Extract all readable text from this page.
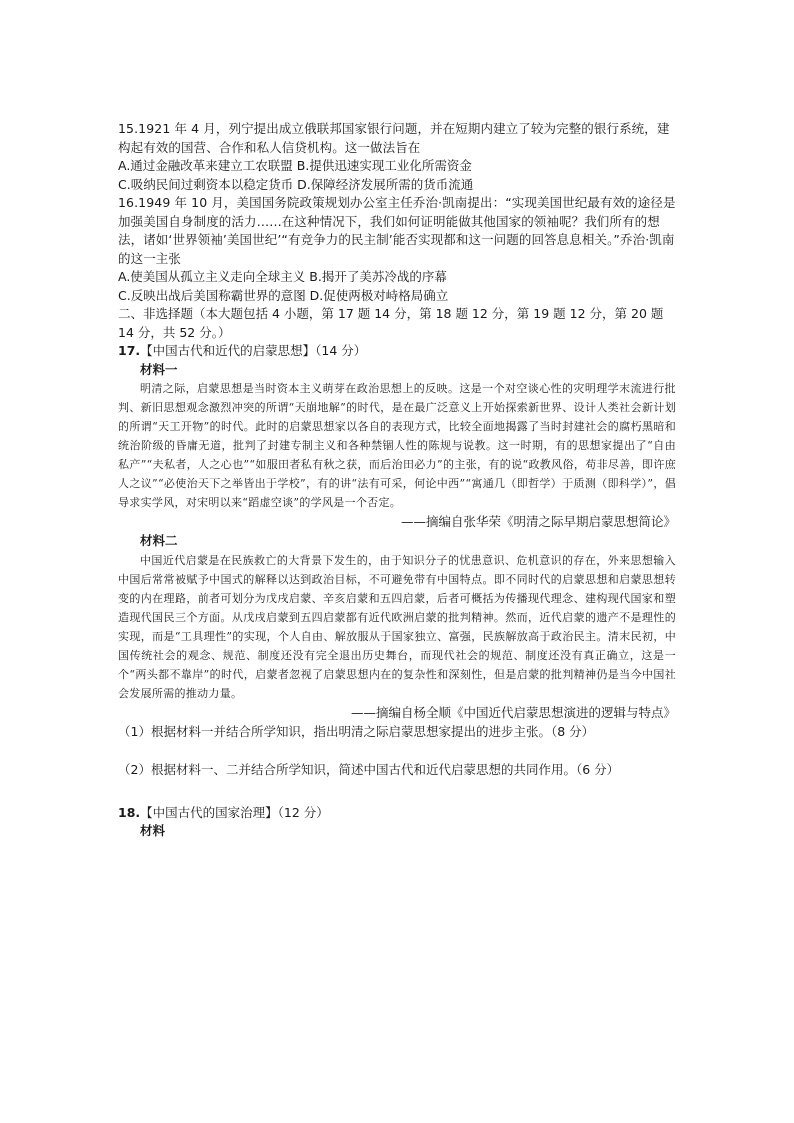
15.1921 年 4 月，列宁提出成立俄联邦国家银行问题，并在短期内建立了较为完整的银行系统，建构起有效的国营、合作和私人信贷机构。这一做法旨在

A.通过金融改革来建立工农联盟 B.提供迅速实现工业化所需资金

C.吸纳民间过剩资本以稳定货币 D.保障经济发展所需的货币流通

16.1949 年 10 月，美国国务院政策规划办公室主任乔治·凯南提出：“实现美国世纪最有效的途径是加强美国自身制度的活力……在这种情况下，我们如何证明能做其他国家的领袖呢？我们所有的想法，诸如‘世界领袖’美国世纪’“有竞争力的民主制’能否实现都和这一问题的回答息息相关。”乔治·凯南的这一主张

A.使美国从孤立主义走向全球主义 B.揭开了美苏冷战的序幕

C.反映出战后美国称霸世界的意图 D.促使两极对峙格局确立

二、非选择题（本大题包括 4 小题，第 17 题 14 分，第 18 题 12 分，第 19 题 12 分，第 20 题 14 分，共 52 分。）

17.【中国古代和近代的启蒙思想】（14 分）

材料一

明清之际，启蒙思想是当时资本主义萌芽在政治思想上的反映。这是一个对空谈心性的灾明理学末流进行批判、新旧思想观念激烈冲突的所谓“天崩地解”的时代，是在最广泛意义上开始探索新世界、设计人类社会新计划的所谓“天工开物”的时代。此时的启蒙思想家以各自的表现方式，比较全面地揭露了当时封建社会的腐朽黑暗和统治阶级的昏庸无道，批判了封建专制主义和各种禁锢人性的陈规与说教。这一时期，有的思想家提出了“自由私产”“夫私者，人之心也”“如服田者私有秋之获，而后治田必力”的主张，有的说“政教风俗，苟非尽善，即许庶人之议”“必使治天下之举皆出于学校”，有的讲“法有可采，何论中西”“寓通几（即哲学）于质测（即科学）”，倡导求实学风，对宋明以来“蹈虚空谈”的学风是一个否定。

——摘编自张华荣《明清之际早期启蒙思想简论》

材料二

中国近代启蒙是在民族救亡的大背景下发生的，由于知识分子的忧患意识、危机意识的存在，外来思想输入中国后常常被赋予中国式的解释以达到政治目标，不可避免带有中国特点。即不同时代的启蒙思想和启蒙思想转变的内在理路，前者可划分为戊戌启蒙、辛亥启蒙和五四启蒙，后者可概括为传播现代理念、建构现代国家和塑造现代国民三个方面。从戊戌启蒙到五四启蒙都有近代欧洲启蒙的批判精神。然而，近代启蒙的遗产不是理性的实现，而是“工具理性”的实现，个人自由、解放服从于国家独立、富强，民族解放高于政治民主。清末民初，中国传统社会的观念、规范、制度还没有完全退出历史舞台，而现代社会的规范、制度还没有真正确立，这是一个“两头都不靠岸”的时代，启蒙者忽视了启蒙思想内在的复杂性和深刻性，但是启蒙的批判精神仍是当今中国社会发展所需的推动力量。

——摘编自杨全顺《中国近代启蒙思想演进的逻辑与特点》

（1）根据材料一并结合所学知识，指出明清之际启蒙思想家提出的进步主张。（8 分）

（2）根据材料一、二并结合所学知识，简述中国古代和近代启蒙思想的共同作用。（6 分）

18.【中国古代的国家治理】（12 分）

材料
